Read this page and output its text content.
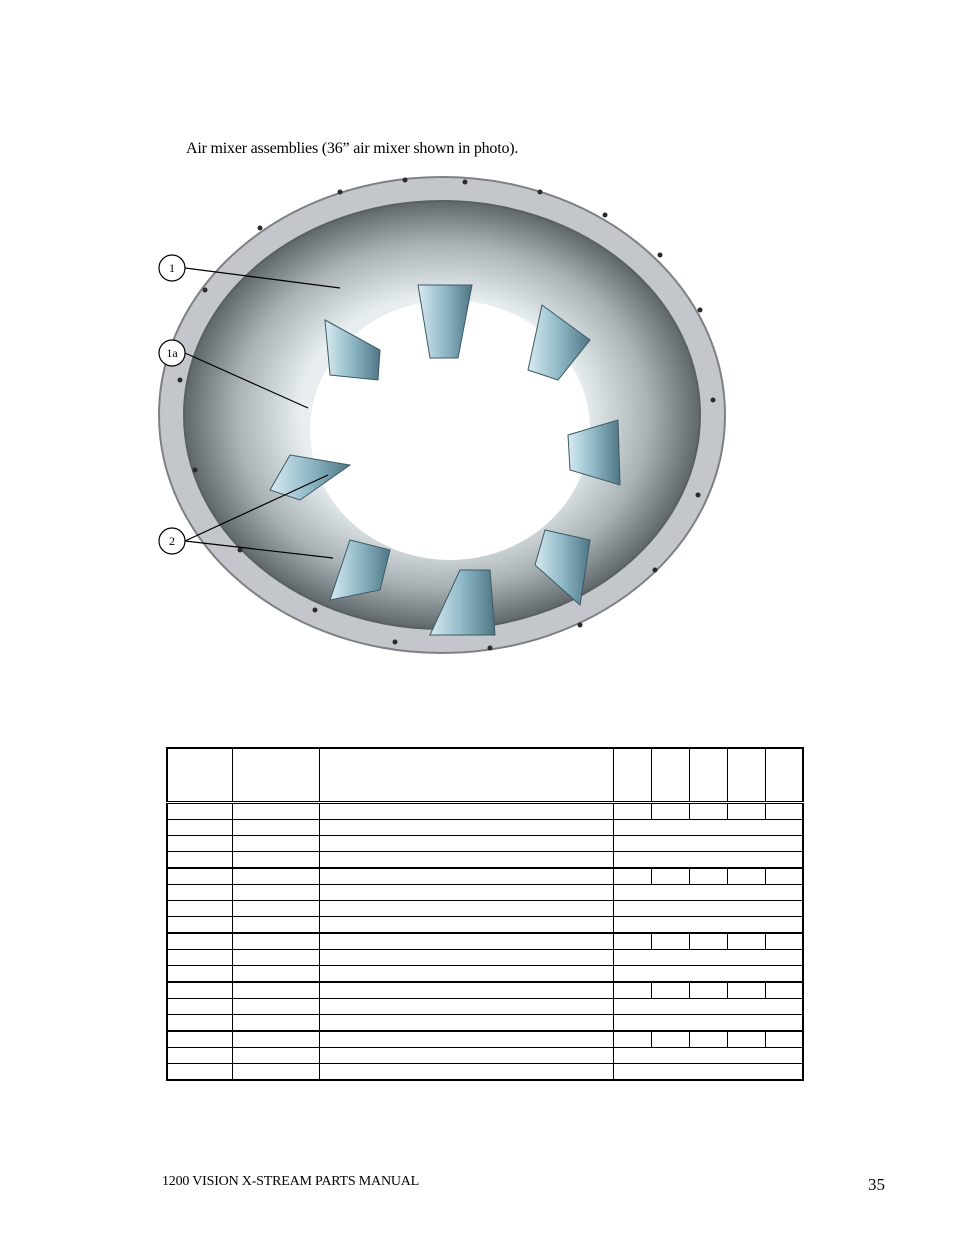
Air mixer assemblies (36” air mixer shown in photo).
1
1a
2

1200 VISION X-STREAM PARTS MANUAL	35
